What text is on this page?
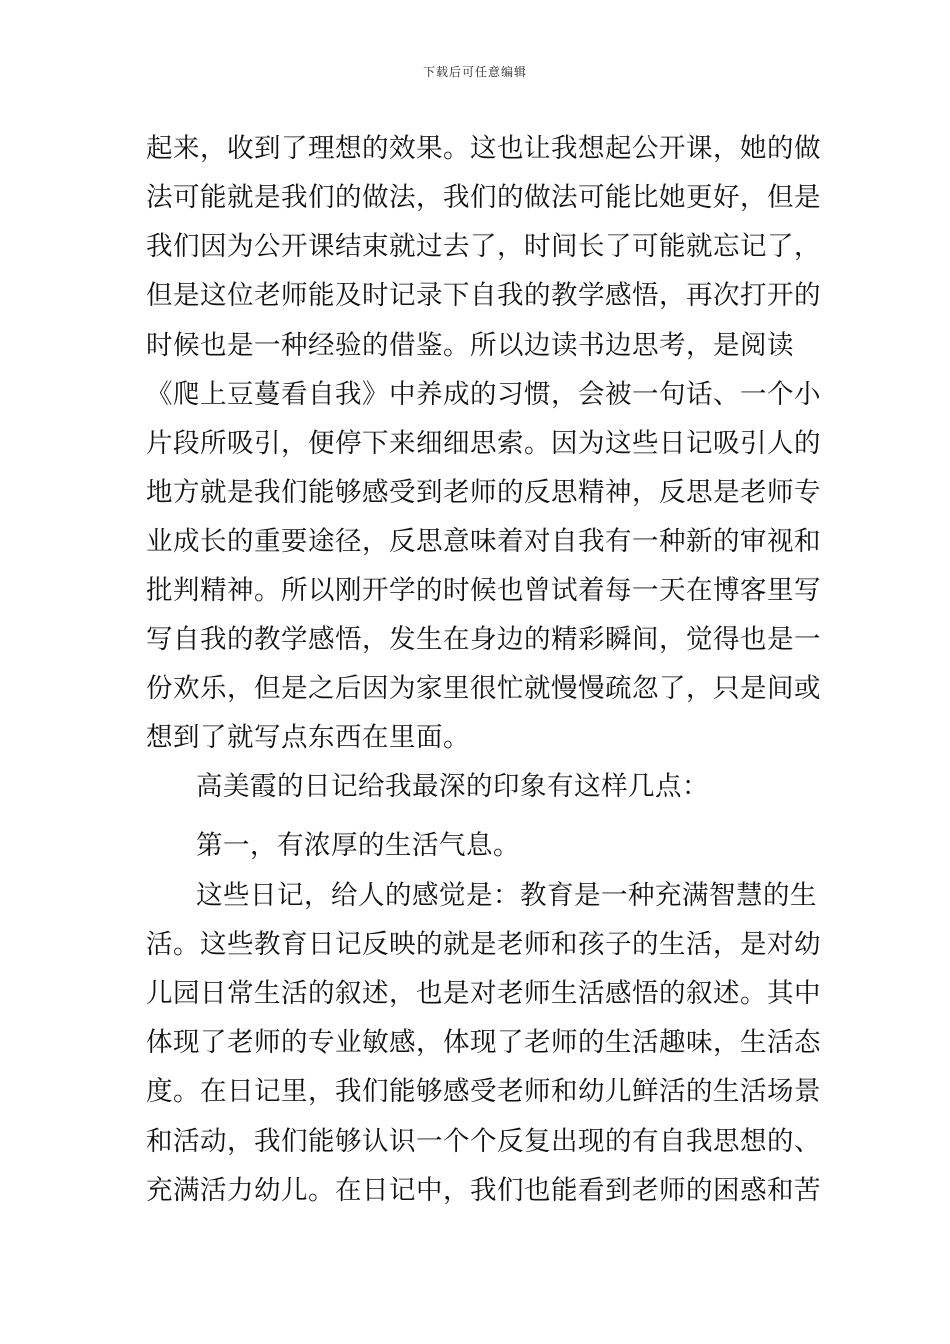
下载后可任意编辑
起来，收到了理想的效果。这也让我想起公开课，她的做
法可能就是我们的做法，我们的做法可能比她更好，但是
我们因为公开课结束就过去了，时间长了可能就忘记了，
但是这位老师能及时记录下自我的教学感悟，再次打开的
时候也是一种经验的借鉴。所以边读书边思考，是阅读
《爬上豆蔓看自我》中养成的习惯，会被一句话、一个小
片段所吸引，便停下来细细思索。因为这些日记吸引人的
地方就是我们能够感受到老师的反思精神，反思是老师专
业成长的重要途径，反思意味着对自我有一种新的审视和
批判精神。所以刚开学的时候也曾试着每一天在博客里写
写自我的教学感悟，发生在身边的精彩瞬间，觉得也是一
份欢乐，但是之后因为家里很忙就慢慢疏忽了，只是间或
想到了就写点东西在里面。
高美霞的日记给我最深的印象有这样几点：
第一，有浓厚的生活气息。
这些日记，给人的感觉是：教育是一种充满智慧的生
活。这些教育日记反映的就是老师和孩子的生活，是对幼
儿园日常生活的叙述，也是对老师生活感悟的叙述。其中
体现了老师的专业敏感，体现了老师的生活趣味，生活态
度。在日记里，我们能够感受老师和幼儿鲜活的生活场景
和活动，我们能够认识一个个反复出现的有自我思想的、
充满活力幼儿。在日记中，我们也能看到老师的困惑和苦
